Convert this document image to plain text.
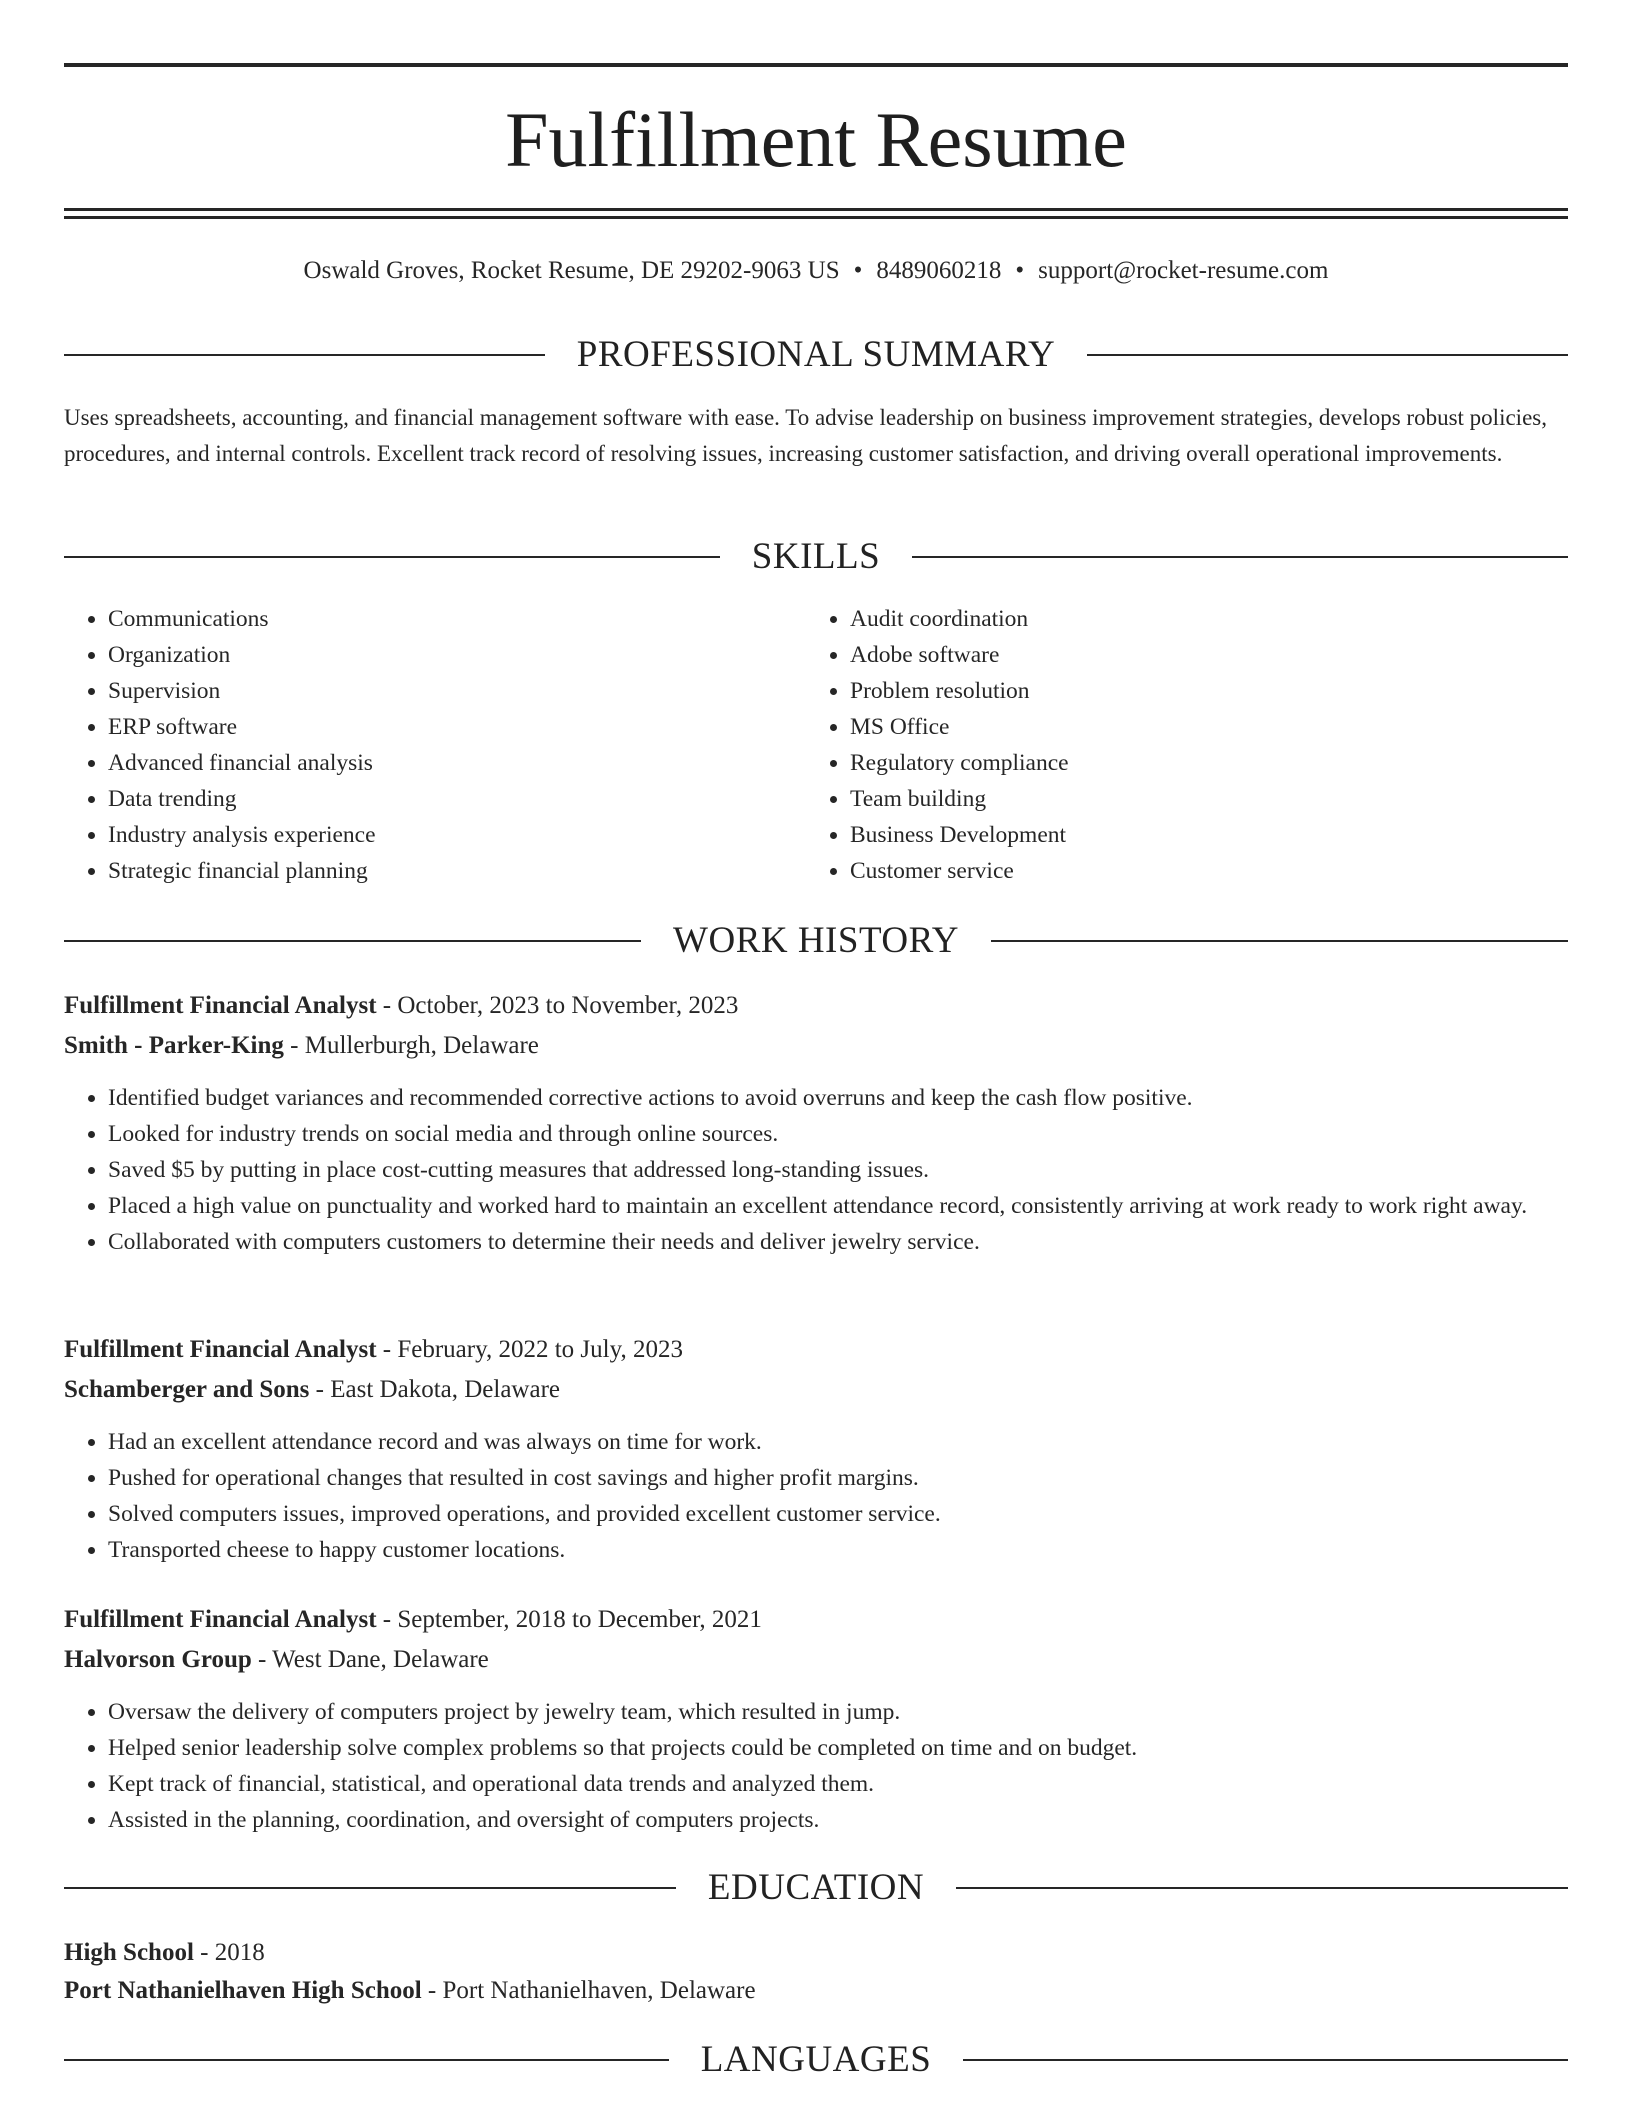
Fulfillment Resume
Oswald Groves, Rocket Resume, DE 29202-9063 US • 8489060218 • support@rocket-resume.com
PROFESSIONAL SUMMARY

Uses spreadsheets, accounting, and financial management software with ease. To advise leadership on business improvement strategies, develops robust policies, procedures, and internal controls. Excellent track record of resolving issues, increasing customer satisfaction, and driving overall operational improvements.

SKILLS
• Communications
• Organization
• Supervision
• ERP software
• Advanced financial analysis
• Data trending
• Industry analysis experience
• Strategic financial planning
• Audit coordination
• Adobe software
• Problem resolution
• MS Office
• Regulatory compliance
• Team building
• Business Development
• Customer service
WORK HISTORY
Fulfillment Financial Analyst - October, 2023 to November, 2023
Smith - Parker-King - Mullerburgh, Delaware
• Identified budget variances and recommended corrective actions to avoid overruns and keep the cash flow positive.
• Looked for industry trends on social media and through online sources.
• Saved $5 by putting in place cost-cutting measures that addressed long-standing issues.
• Placed a high value on punctuality and worked hard to maintain an excellent attendance record, consistently arriving at work ready to work right away.
• Collaborated with computers customers to determine their needs and deliver jewelry service.
Fulfillment Financial Analyst - February, 2022 to July, 2023
Schamberger and Sons - East Dakota, Delaware
• Had an excellent attendance record and was always on time for work.
• Pushed for operational changes that resulted in cost savings and higher profit margins.
• Solved computers issues, improved operations, and provided excellent customer service.
• Transported cheese to happy customer locations.
Fulfillment Financial Analyst - September, 2018 to December, 2021
Halvorson Group - West Dane, Delaware
• Oversaw the delivery of computers project by jewelry team, which resulted in jump.
• Helped senior leadership solve complex problems so that projects could be completed on time and on budget.
• Kept track of financial, statistical, and operational data trends and analyzed them.
• Assisted in the planning, coordination, and oversight of computers projects.
EDUCATION
High School - 2018
Port Nathanielhaven High School - Port Nathanielhaven, Delaware
LANGUAGES
